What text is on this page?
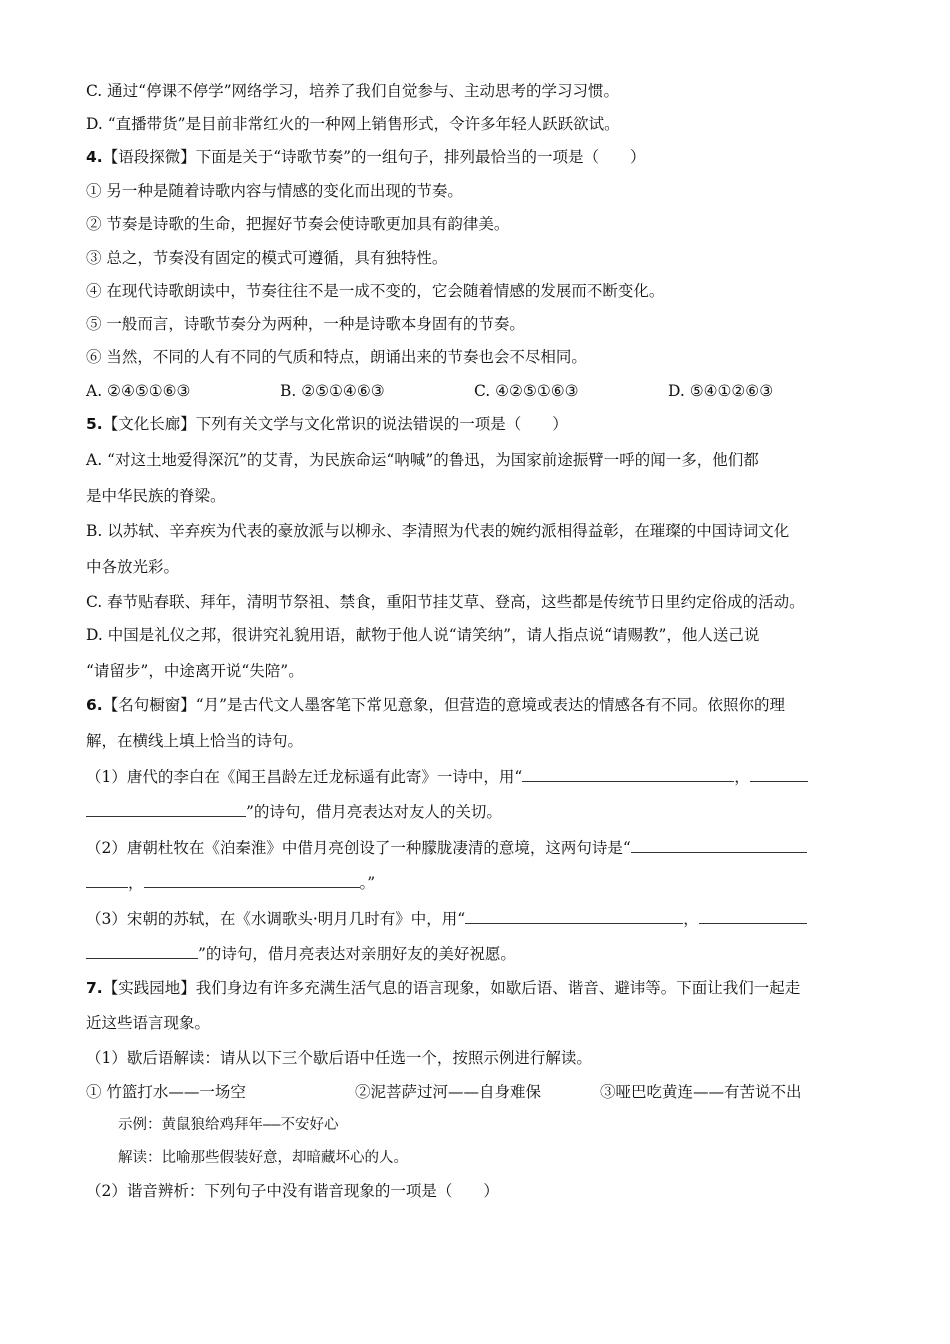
C. 通过“停课不停学”网络学习，培养了我们自觉参与、主动思考的学习习惯。
D. “直播带货”是目前非常红火的一种网上销售形式，令许多年轻人跃跃欲试。
4.【语段探微】下面是关于“诗歌节奏”的一组句子，排列最恰当的一项是（　　）
① 另一种是随着诗歌内容与情感的变化而出现的节奏。
② 节奏是诗歌的生命，把握好节奏会使诗歌更加具有韵律美。
③ 总之，节奏没有固定的模式可遵循，具有独特性。
④ 在现代诗歌朗读中，节奏往往不是一成不变的，它会随着情感的发展而不断变化。
⑤ 一般而言，诗歌节奏分为两种，一种是诗歌本身固有的节奏。
⑥ 当然，不同的人有不同的气质和特点，朗诵出来的节奏也会不尽相同。
A. ②④⑤①⑥③	B. ②⑤①④⑥③	C. ④②⑤①⑥③	D. ⑤④①②⑥③
5.【文化长廊】下列有关文学与文化常识的说法错误的一项是（　　）
A. “对这土地爱得深沉”的艾青，为民族命运“呐喊”的鲁迅，为国家前途振臂一呼的闻一多，他们都
是中华民族的脊梁。
B. 以苏轼、辛弃疾为代表的豪放派与以柳永、李清照为代表的婉约派相得益彰，在璀璨的中国诗词文化
中各放光彩。
C. 春节贴春联、拜年，清明节祭祖、禁食，重阳节挂艾草、登高，这些都是传统节日里约定俗成的活动。
D. 中国是礼仪之邦，很讲究礼貌用语，献物于他人说“请笑纳”，请人指点说“请赐教”，他人送己说
“请留步”，中途离开说“失陪”。
6.【名句橱窗】“月”是古代文人墨客笔下常见意象，但营造的意境或表达的情感各有不同。依照你的理
解，在横线上填上恰当的诗句。
（1）唐代的李白在《闻王昌龄左迁龙标遥有此寄》一诗中，用“	，
”的诗句，借月亮表达对友人的关切。
（2）唐朝杜牧在《泊秦淮》中借月亮创设了一种朦胧凄清的意境，这两句诗是“
，	。”
（3）宋朝的苏轼，在《水调歌头·明月几时有》中，用“	，
”的诗句，借月亮表达对亲朋好友的美好祝愿。
7.【实践园地】我们身边有许多充满生活气息的语言现象，如歇后语、谐音、避讳等。下面让我们一起走
近这些语言现象。
（1）歇后语解读：请从以下三个歇后语中任选一个，按照示例进行解读。
① 竹篮打水——一场空	②泥菩萨过河——自身难保	③哑巴吃黄连——有苦说不出
示例：黄鼠狼给鸡拜年——不安好心
解读：比喻那些假装好意，却暗藏坏心的人。
（2）谐音辨析：下列句子中没有谐音现象的一项是（　　）
